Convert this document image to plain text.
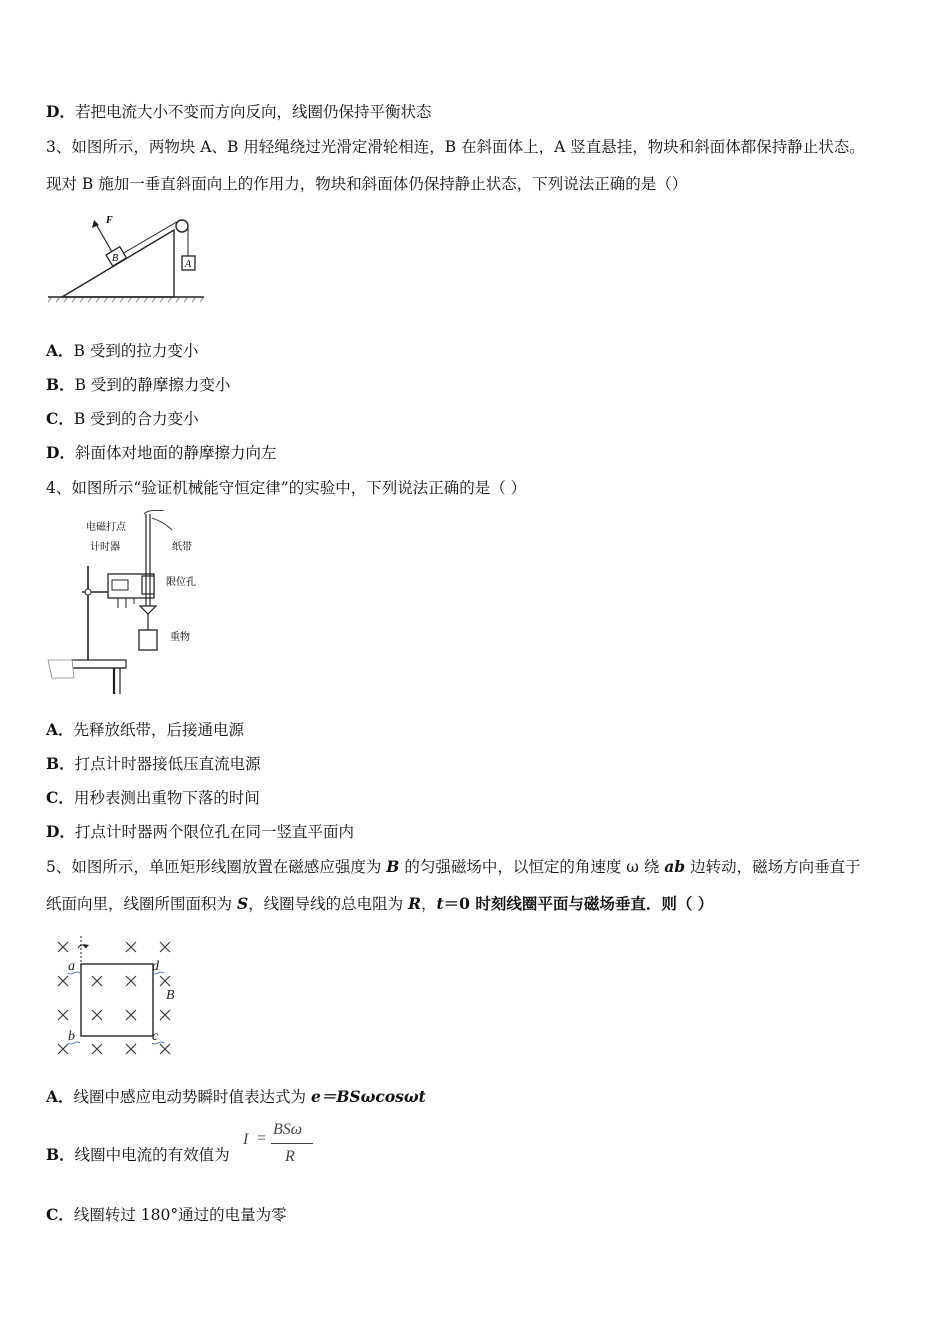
D．若把电流大小不变而方向反向，线圈仍保持平衡状态
3、如图所示，两物块 A、B 用轻绳绕过光滑定滑轮相连，B 在斜面体上，A 竖直悬挂，物块和斜面体都保持静止状态。
现对 B 施加一垂直斜面向上的作用力，物块和斜面体仍保持静止状态，下列说法正确的是（）
B
F
A
A．B 受到的拉力变小
B．B 受到的静摩擦力变小
C．B 受到的合力变小
D．斜面体对地面的静摩擦力向左
4、如图所示“验证机械能守恒定律”的实验中，下列说法正确的是（ ）
电磁打点
计时器	纸带
限位孔
重物
A．先释放纸带，后接通电源
B．打点计时器接低压直流电源
C．用秒表测出重物下落的时间
D．打点计时器两个限位孔在同一竖直平面内
5、如图所示，单匝矩形线圈放置在磁感应强度为 B 的匀强磁场中，以恒定的角速度 ω 绕 ab 边转动，磁场方向垂直于
纸面向里，线圈所围面积为 S，线圈导线的总电阻为 R，t＝0 时刻线圈平面与磁场垂直．则（ ）
a
b	c
d
B
A．线圈中感应电动势瞬时值表达式为 e＝BSωcosωt
B．线圈中电流的有效值为
I =
BSω
R
C．线圈转过 180°通过的电量为零
